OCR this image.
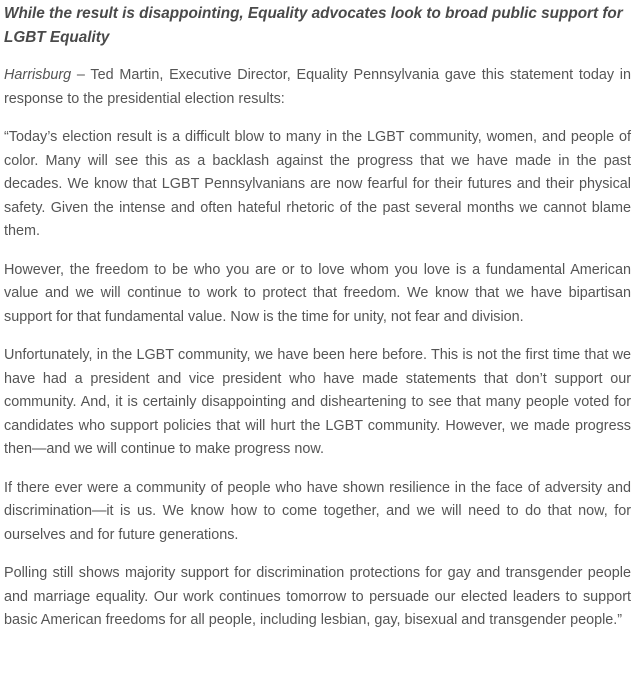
While the result is disappointing, Equality advocates look to broad public support for LGBT Equality

Harrisburg – Ted Martin, Executive Director, Equality Pennsylvania gave this statement today in response to the presidential election results:

“Today’s election result is a difficult blow to many in the LGBT community, women, and people of color. Many will see this as a backlash against the progress that we have made in the past decades. We know that LGBT Pennsylvanians are now fearful for their futures and their physical safety. Given the intense and often hateful rhetoric of the past several months we cannot blame them.

However, the freedom to be who you are or to love whom you love is a fundamental American value and we will continue to work to protect that freedom. We know that we have bipartisan support for that fundamental value. Now is the time for unity, not fear and division.

Unfortunately, in the LGBT community, we have been here before. This is not the first time that we have had a president and vice president who have made statements that don’t support our community. And, it is certainly disappointing and disheartening to see that many people voted for candidates who support policies that will hurt the LGBT community. However, we made progress then—and we will continue to make progress now.

If there ever were a community of people who have shown resilience in the face of adversity and discrimination—it is us. We know how to come together, and we will need to do that now, for ourselves and for future generations.

Polling still shows majority support for discrimination protections for gay and transgender people and marriage equality. Our work continues tomorrow to persuade our elected leaders to support basic American freedoms for all people, including lesbian, gay, bisexual and transgender people.”
